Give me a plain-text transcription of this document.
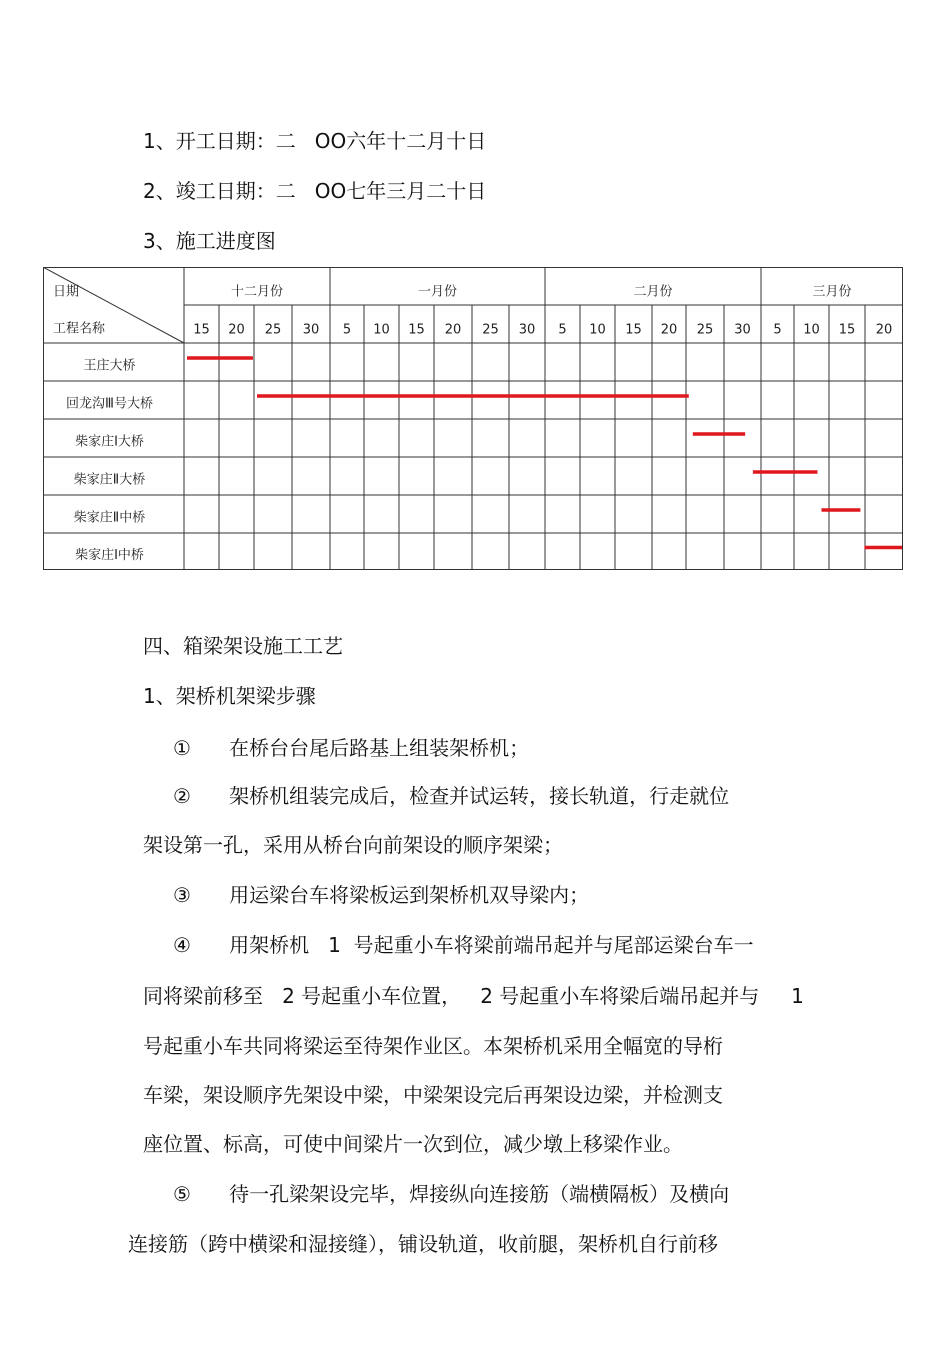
1、开工日期：二   OO六年十二月十日
2、竣工日期：二   OO七年三月二十日
3、施工进度图
日期
工程名称
十二月份	一月份	二月份	三月份
15 20 25 30 5 10 15 20 25 30 5 10 15 20 25 30 5 10 15 20
王庄大桥
回龙沟Ⅲ号大桥
柴家庄Ⅰ大桥
柴家庄Ⅱ大桥
柴家庄Ⅱ中桥
柴家庄Ⅰ中桥
四、箱梁架设施工工艺
1、架桥机架梁步骤
①      在桥台台尾后路基上组装架桥机；
②      架桥机组装完成后，检查并试运转，接长轨道，行走就位
架设第一孔，采用从桥台向前架设的顺序架梁；
③      用运梁台车将梁板运到架桥机双导梁内；
④      用架桥机   1  号起重小车将梁前端吊起并与尾部运梁台车一
同将梁前移至   2 号起重小车位置，   2 号起重小车将梁后端吊起并与     1
号起重小车共同将梁运至待架作业区。本架桥机采用全幅宽的导桁
车梁，架设顺序先架设中梁，中梁架设完后再架设边梁，并检测支
座位置、标高，可使中间梁片一次到位，减少墩上移梁作业。
⑤      待一孔梁架设完毕，焊接纵向连接筋（端横隔板）及横向
连接筋（跨中横梁和湿接缝），铺设轨道，收前腿，架桥机自行前移
